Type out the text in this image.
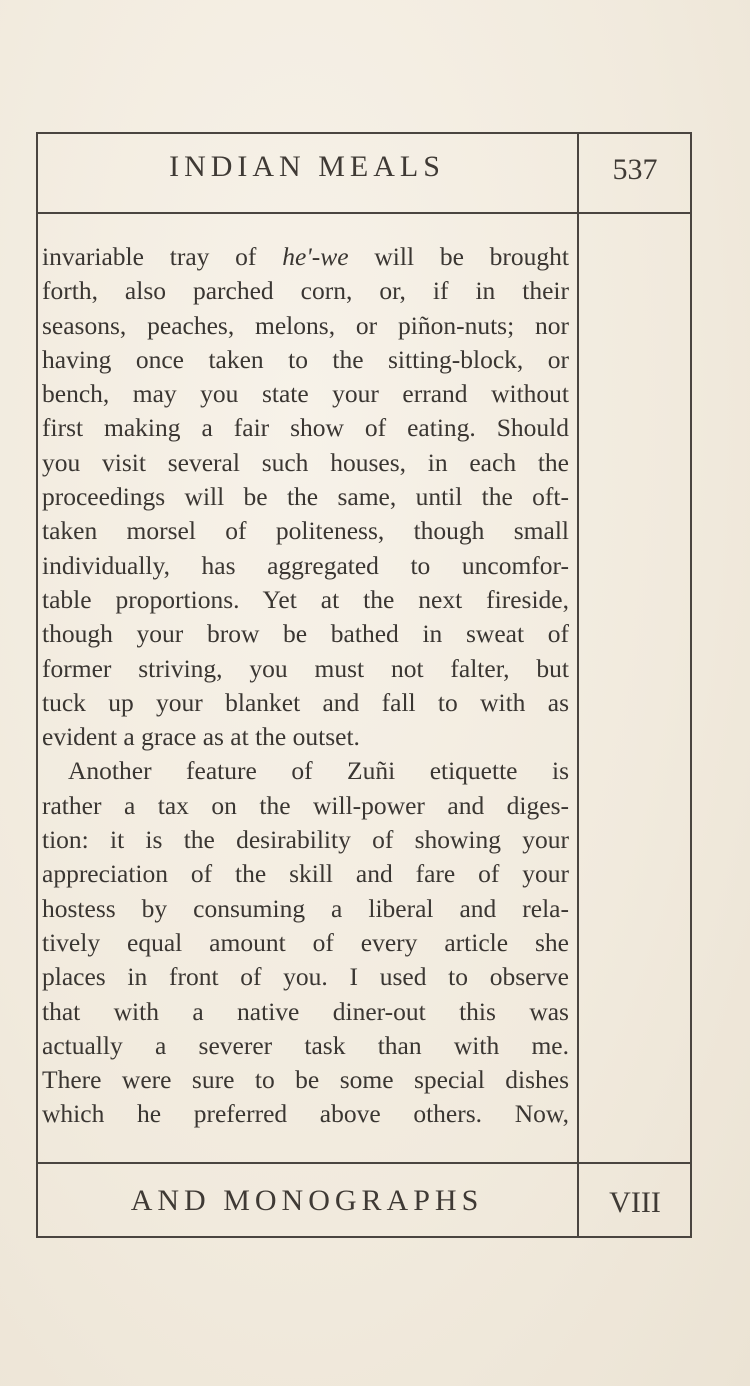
INDIAN MEALS	537
invariable tray of he'-we will be brought
forth, also parched corn, or, if in their
seasons, peaches, melons, or piñon-nuts; nor
having once taken to the sitting-block, or
bench, may you state your errand without
first making a fair show of eating. Should
you visit several such houses, in each the
proceedings will be the same, until the oft-
taken morsel of politeness, though small
individually, has aggregated to uncomfor-
table proportions. Yet at the next fireside,
though your brow be bathed in sweat of
former striving, you must not falter, but
tuck up your blanket and fall to with as
evident a grace as at the outset.
Another feature of Zuñi etiquette is
rather a tax on the will-power and diges-
tion: it is the desirability of showing your
appreciation of the skill and fare of your
hostess by consuming a liberal and rela-
tively equal amount of every article she
places in front of you. I used to observe
that with a native diner-out this was
actually a severer task than with me.
There were sure to be some special dishes
which he preferred above others. Now,
AND MONOGRAPHS	VIII
